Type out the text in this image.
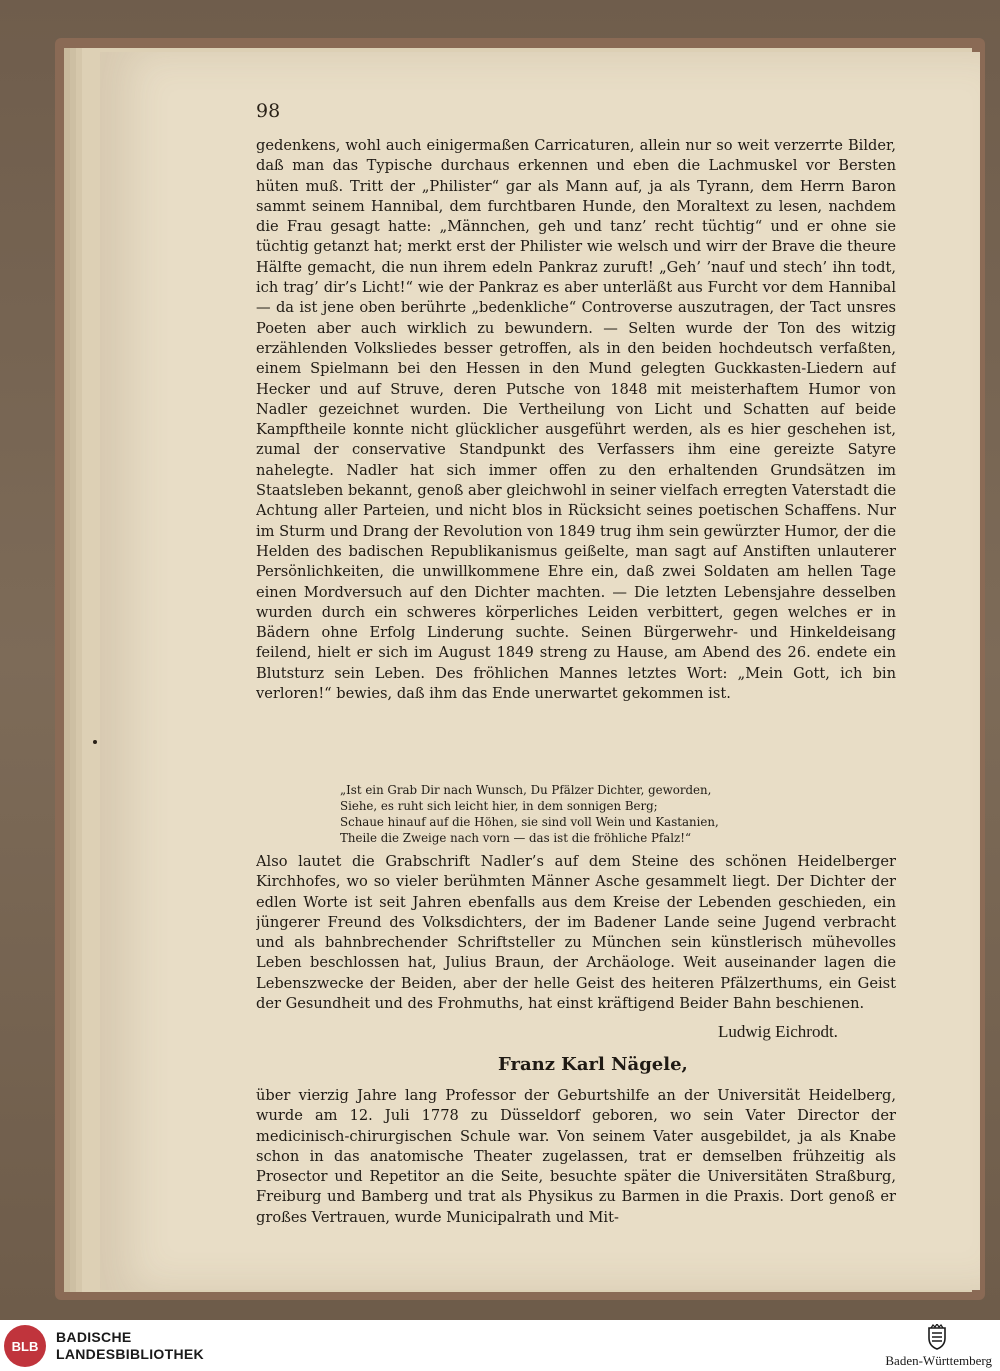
98
gedenkens, wohl auch einigermaßen Carricaturen, allein nur so weit verzerrte Bilder, daß man das Typische durchaus erkennen und eben die Lachmuskel vor Bersten hüten muß. Tritt der „Philister“ gar als Mann auf, ja als Tyrann, dem Herrn Baron sammt seinem Hannibal, dem furchtbaren Hunde, den Moraltext zu lesen, nachdem die Frau gesagt hatte: „Männchen, geh und tanz’ recht tüchtig“ und er ohne sie tüchtig getanzt hat; merkt erst der Philister wie welsch und wirr der Brave die theure Hälfte gemacht, die nun ihrem edeln Pankraz zuruft! „Geh’ ’nauf und stech’ ihn todt, ich trag’ dir’s Licht!“ wie der Pankraz es aber unterläßt aus Furcht vor dem Hannibal — da ist jene oben berührte „bedenkliche“ Controverse auszutragen, der Tact unsres Poeten aber auch wirklich zu bewundern. — Selten wurde der Ton des witzig erzählenden Volksliedes besser getroffen, als in den beiden hochdeutsch verfaßten, einem Spielmann bei den Hessen in den Mund gelegten Guckkasten-Liedern auf Hecker und auf Struve, deren Putsche von 1848 mit meisterhaftem Humor von Nadler gezeichnet wurden. Die Vertheilung von Licht und Schatten auf beide Kampftheile konnte nicht glücklicher ausgeführt werden, als es hier geschehen ist, zumal der conservative Standpunkt des Verfassers ihm eine gereizte Satyre nahelegte. Nadler hat sich immer offen zu den erhaltenden Grundsätzen im Staatsleben bekannt, genoß aber gleichwohl in seiner vielfach erregten Vaterstadt die Achtung aller Parteien, und nicht blos in Rücksicht seines poetischen Schaffens. Nur im Sturm und Drang der Revolution von 1849 trug ihm sein gewürzter Humor, der die Helden des badischen Republikanismus geißelte, man sagt auf Anstiften unlauterer Persönlichkeiten, die unwillkommene Ehre ein, daß zwei Soldaten am hellen Tage einen Mordversuch auf den Dichter machten. — Die letzten Lebensjahre desselben wurden durch ein schweres körperliches Leiden verbittert, gegen welches er in Bädern ohne Erfolg Linderung suchte. Seinen Bürgerwehr- und Hinkeldeisang feilend, hielt er sich im August 1849 streng zu Hause, am Abend des 26. endete ein Blutsturz sein Leben. Des fröhlichen Mannes letztes Wort: „Mein Gott, ich bin verloren!“ bewies, daß ihm das Ende unerwartet gekommen ist.
„Ist ein Grab Dir nach Wunsch, Du Pfälzer Dichter, geworden,
Siehe, es ruht sich leicht hier, in dem sonnigen Berg;
Schaue hinauf auf die Höhen, sie sind voll Wein und Kastanien,
Theile die Zweige nach vorn — das ist die fröhliche Pfalz!“
Also lautet die Grabschrift Nadler’s auf dem Steine des schönen Heidelberger Kirchhofes, wo so vieler berühmten Männer Asche gesammelt liegt. Der Dichter der edlen Worte ist seit Jahren ebenfalls aus dem Kreise der Lebenden geschieden, ein jüngerer Freund des Volksdichters, der im Badener Lande seine Jugend verbracht und als bahnbrechender Schriftsteller zu München sein künstlerisch mühevolles Leben beschlossen hat, Julius Braun, der Archäologe. Weit auseinander lagen die Lebenszwecke der Beiden, aber der helle Geist des heiteren Pfälzerthums, ein Geist der Gesundheit und des Frohmuths, hat einst kräftigend Beider Bahn beschienen.
Ludwig Eichrodt.
Franz Karl Nägele,
über vierzig Jahre lang Professor der Geburtshilfe an der Universität Heidelberg, wurde am 12. Juli 1778 zu Düsseldorf geboren, wo sein Vater Director der medicinisch-chirurgischen Schule war. Von seinem Vater ausgebildet, ja als Knabe schon in das anatomische Theater zugelassen, trat er demselben frühzeitig als Prosector und Repetitor an die Seite, besuchte später die Universitäten Straßburg, Freiburg und Bamberg und trat als Physikus zu Barmen in die Praxis. Dort genoß er großes Vertrauen, wurde Municipalrath und Mit-
BLB
BADISCHE
LANDESBIBLIOTHEK	Baden-Württemberg
